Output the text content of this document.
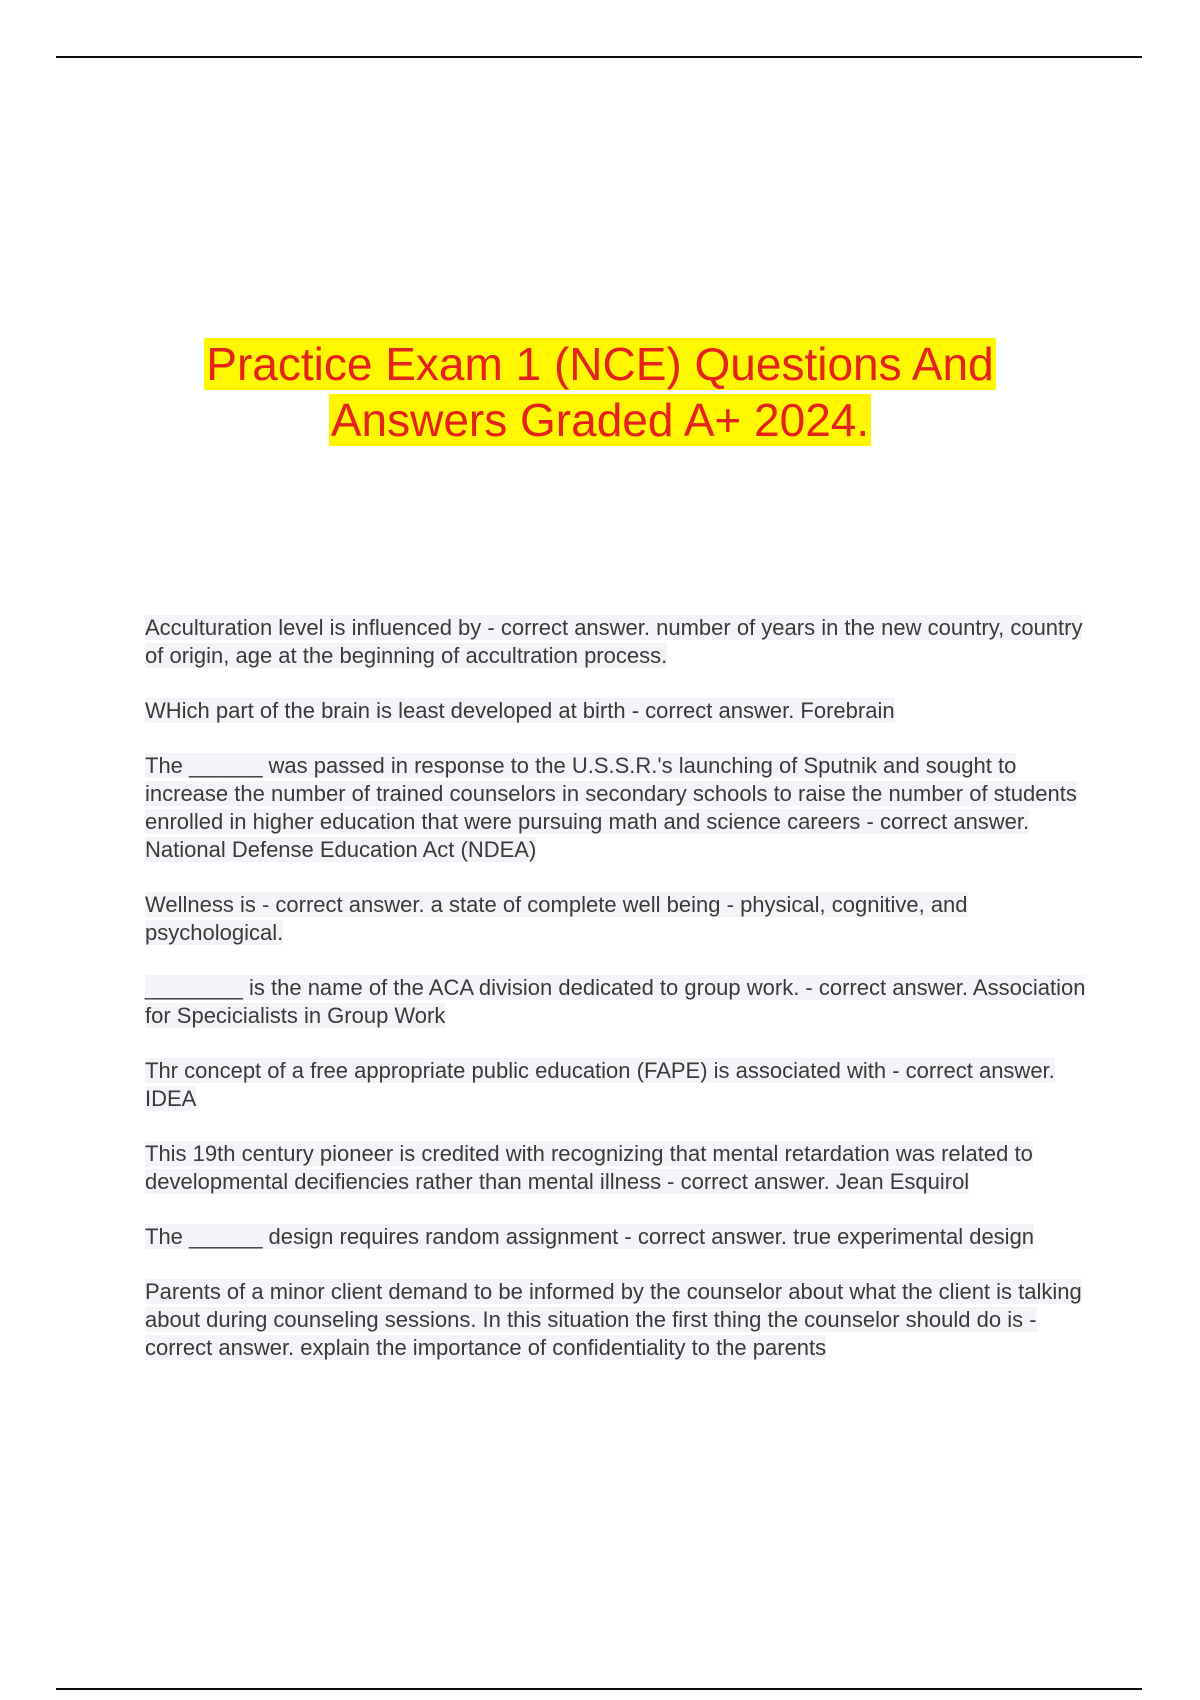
Practice Exam 1 (NCE) Questions And
Answers Graded A+ 2024.
Acculturation level is influenced by - correct answer. number of years in the new country, country of origin, age at the beginning of accultration process.
WHich part of the brain is least developed at birth - correct answer. Forebrain
The ______ was passed in response to the U.S.S.R.'s launching of Sputnik and sought to increase the number of trained counselors in secondary schools to raise the number of students enrolled in higher education that were pursuing math and science careers - correct answer. National Defense Education Act (NDEA)
Wellness is - correct answer. a state of complete well being - physical, cognitive, and psychological.
________ is the name of the ACA division dedicated to group work. - correct answer. Association for Specicialists in Group Work
Thr concept of a free appropriate public education (FAPE) is associated with - correct answer. IDEA
This 19th century pioneer is credited with recognizing that mental retardation was related to developmental decifiencies rather than mental illness - correct answer. Jean Esquirol
The ______ design requires random assignment - correct answer. true experimental design
Parents of a minor client demand to be informed by the counselor about what the client is talking about during counseling sessions. In this situation the first thing the counselor should do is - correct answer. explain the importance of confidentiality to the parents
